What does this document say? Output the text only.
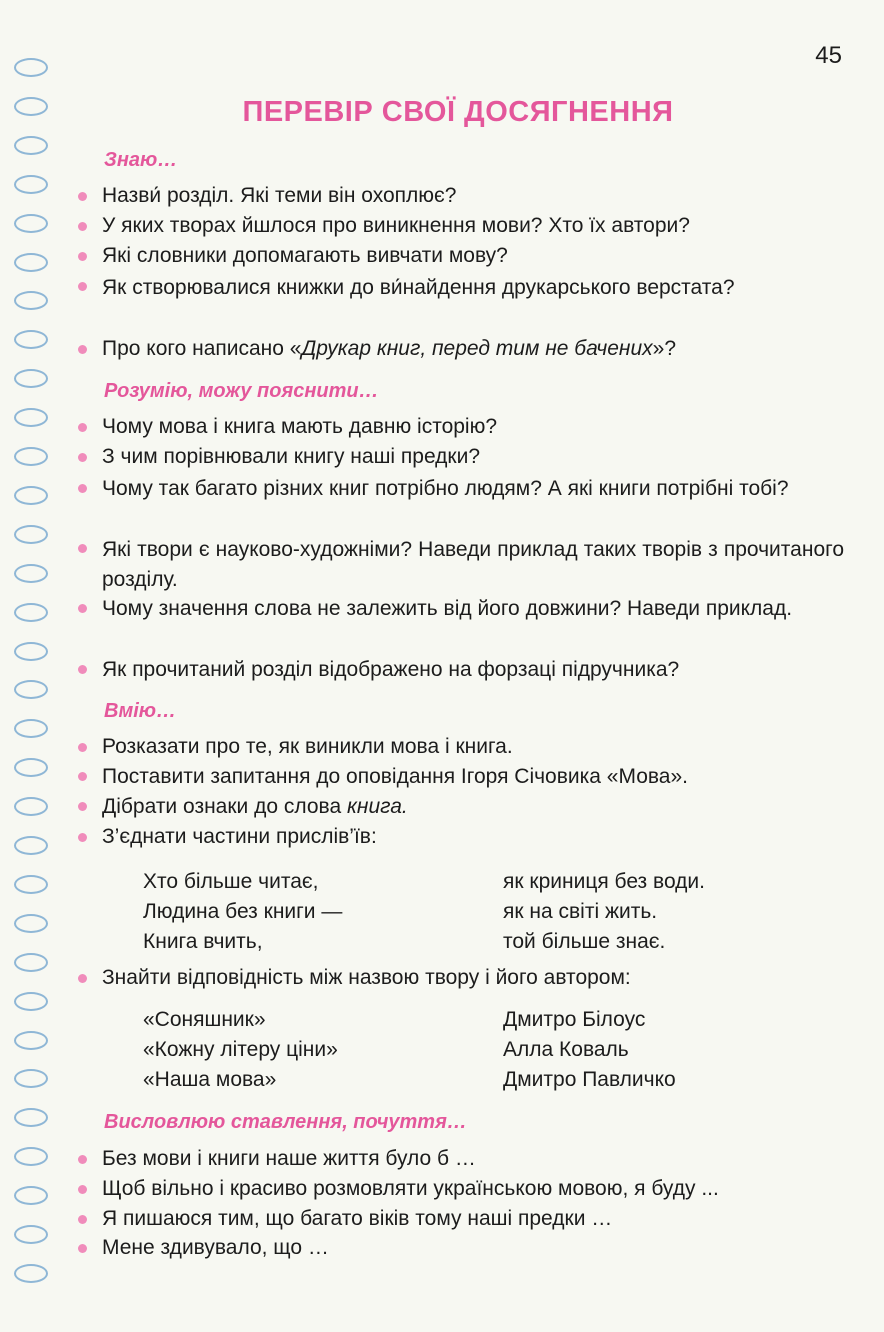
45
ПЕРЕВІР СВОЇ ДОСЯГНЕННЯ
Знаю…
Назви́ розділ. Які теми він охоплює?
У яких творах йшлося про виникнення мови? Хто їх автори?
Які словники допомагають вивчати мову?
Як створювалися книжки до ви́найдення друкарського верстата?
Про кого написано «Друкар книг, перед тим не бачених»?
Розумію, можу пояснити…
Чому мова і книга мають давню історію?
З чим порівнювали книгу наші предки?
Чому так багато різних книг потрібно людям? А які книги потрібні тобі?
Які твори є науково-художніми? Наведи приклад таких творів з прочитаного розділу.
Чому значення слова не залежить від його довжини? Наведи приклад.
Як прочитаний розділ відображено на форзаці підручника?
Вмію…
Розказати про те, як виникли мова і книга.
Поставити запитання до оповідання Ігоря Січовика «Мова».
Дібрати ознаки до слова книга.
З’єднати частини прислів’їв:
Хто більше читає,
Людина без книги —
Книга вчить,
як криниця без води.
як на світі жить.
той більше знає.
Знайти відповідність між назвою твору і його автором:
«Соняшник»
«Кожну літеру ціни»
«Наша мова»
Дмитро Білоус
Алла Коваль
Дмитро Павличко
Висловлюю ставлення, почуття…
Без мови і книги наше життя було б …
Щоб вільно і красиво розмовляти українською мовою, я буду ...
Я пишаюся тим, що багато віків тому наші предки …
Мене здивувало, що …
